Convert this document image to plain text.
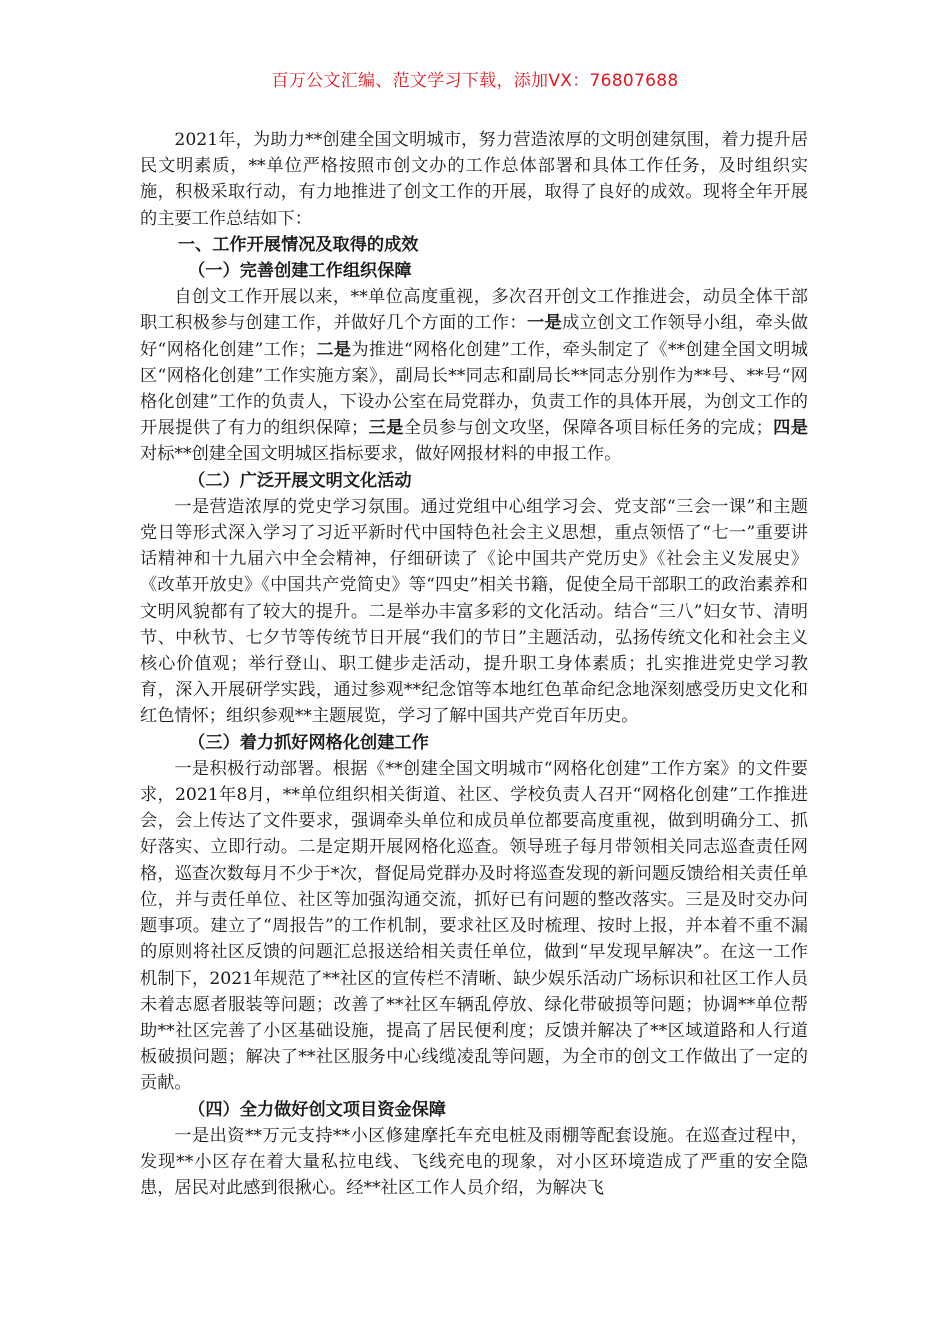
百万公文汇编、范文学习下载，添加VX：76807688

2021年，为助力**创建全国文明城市，努力营造浓厚的文明创建氛围，着力提升居民文明素质，**单位严格按照市创文办的工作总体部署和具体工作任务，及时组织实施，积极采取行动，有力地推进了创文工作的开展，取得了良好的成效。现将全年开展的主要工作总结如下：

一、工作开展情况及取得的成效
（一）完善创建工作组织保障

自创文工作开展以来，**单位高度重视，多次召开创文工作推进会，动员全体干部职工积极参与创建工作，并做好几个方面的工作：一是成立创文工作领导小组，牵头做好“网格化创建”工作；二是为推进“网格化创建”工作，牵头制定了《**创建全国文明城区“网格化创建”工作实施方案》，副局长**同志和副局长**同志分别作为**号、**号“网格化创建”工作的负责人，下设办公室在局党群办，负责工作的具体开展，为创文工作的开展提供了有力的组织保障；三是全员参与创文攻坚，保障各项目标任务的完成；四是对标**创建全国文明城区指标要求，做好网报材料的申报工作。

（二）广泛开展文明文化活动

一是营造浓厚的党史学习氛围。通过党组中心组学习会、党支部“三会一课”和主题党日等形式深入学习了习近平新时代中国特色社会主义思想，重点领悟了“七一”重要讲话精神和十九届六中全会精神，仔细研读了《论中国共产党历史》《社会主义发展史》《改革开放史》《中国共产党简史》等“四史”相关书籍，促使全局干部职工的政治素养和文明风貌都有了较大的提升。二是举办丰富多彩的文化活动。结合“三八”妇女节、清明节、中秋节、七夕节等传统节日开展“我们的节日”主题活动，弘扬传统文化和社会主义核心价值观；举行登山、职工健步走活动，提升职工身体素质；扎实推进党史学习教育，深入开展研学实践，通过参观**纪念馆等本地红色革命纪念地深刻感受历史文化和红色情怀；组织参观**主题展览，学习了解中国共产党百年历史。

（三）着力抓好网格化创建工作

一是积极行动部署。根据《**创建全国文明城市“网格化创建”工作方案》的文件要求，2021年8月，**单位组织相关街道、社区、学校负责人召开“网格化创建”工作推进会，会上传达了文件要求，强调牵头单位和成员单位都要高度重视，做到明确分工、抓好落实、立即行动。二是定期开展网格化巡查。领导班子每月带领相关同志巡查责任网格，巡查次数每月不少于*次，督促局党群办及时将巡查发现的新问题反馈给相关责任单位，并与责任单位、社区等加强沟通交流，抓好已有问题的整改落实。三是及时交办问题事项。建立了“周报告”的工作机制，要求社区及时梳理、按时上报，并本着不重不漏的原则将社区反馈的问题汇总报送给相关责任单位，做到“早发现早解决”。在这一工作机制下，2021年规范了**社区的宣传栏不清晰、缺少娱乐活动广场标识和社区工作人员未着志愿者服装等问题；改善了**社区车辆乱停放、绿化带破损等问题；协调**单位帮助**社区完善了小区基础设施，提高了居民便利度；反馈并解决了**区域道路和人行道板破损问题；解决了**社区服务中心线缆凌乱等问题，为全市的创文工作做出了一定的贡献。

（四）全力做好创文项目资金保障

一是出资**万元支持**小区修建摩托车充电桩及雨棚等配套设施。在巡查过程中，发现**小区存在着大量私拉电线、飞线充电的现象，对小区环境造成了严重的安全隐患，居民对此感到很揪心。经**社区工作人员介绍，为解决飞
